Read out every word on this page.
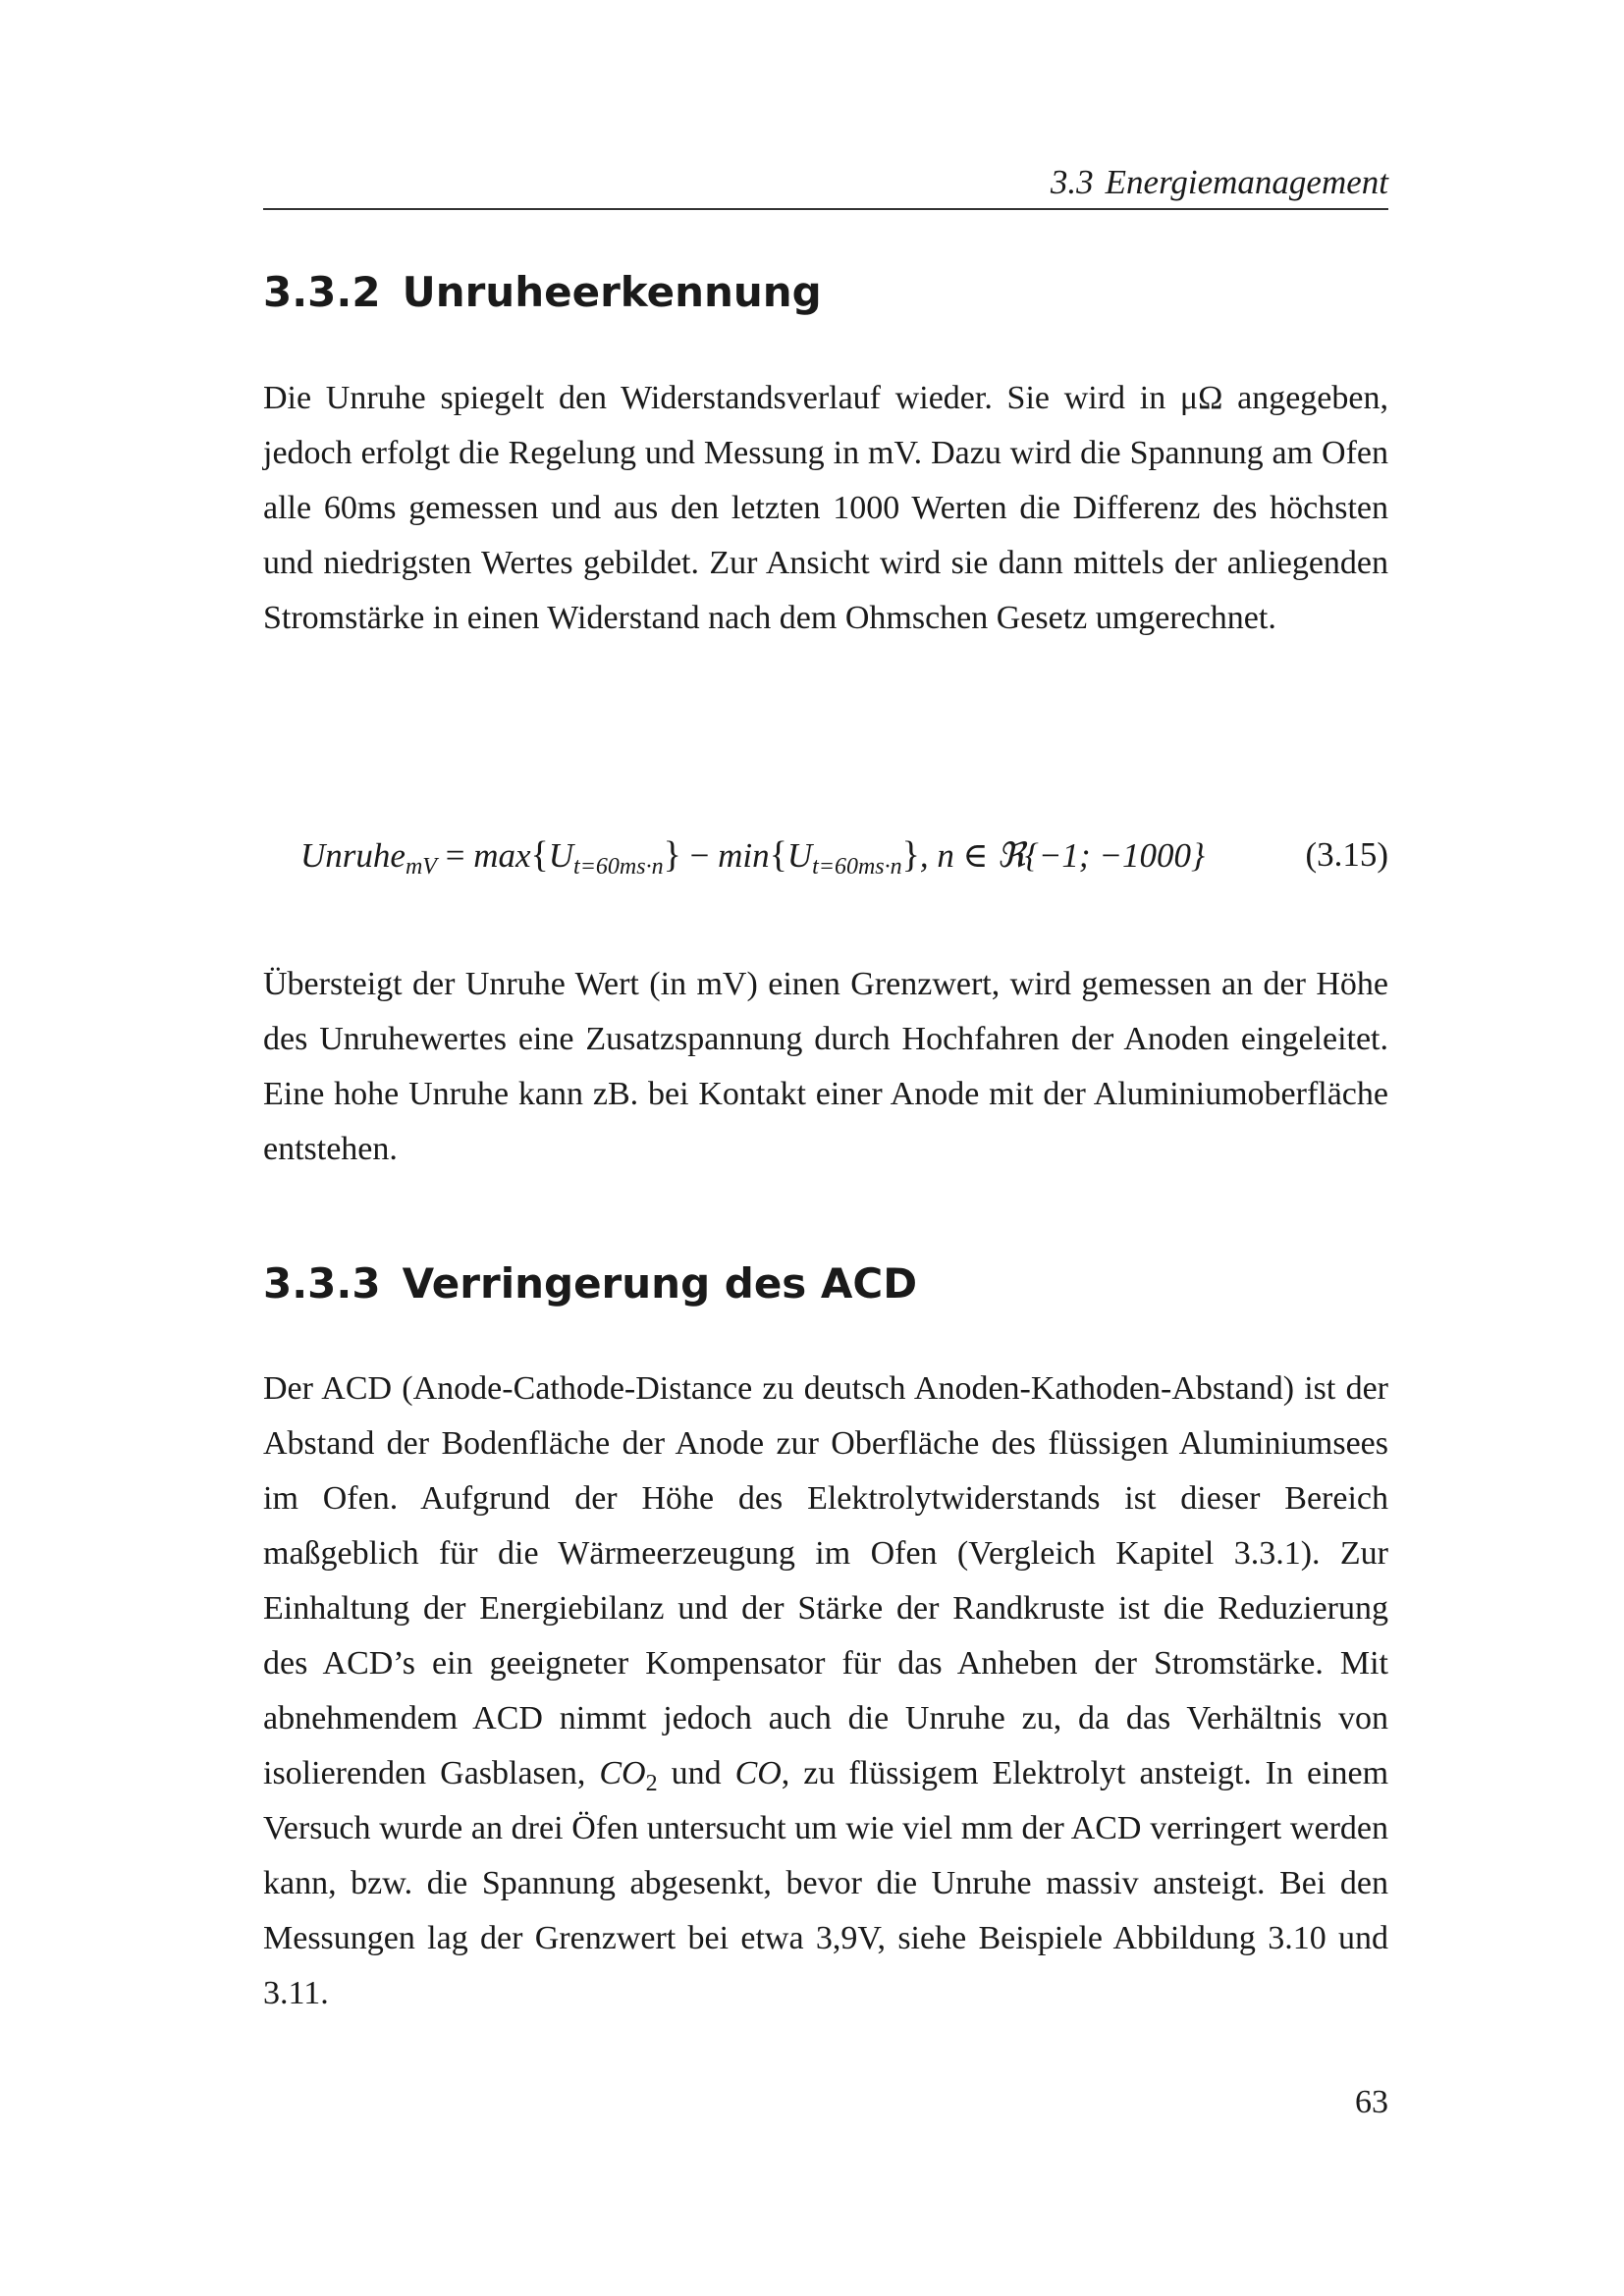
3.3 Energiemanagement
3.3.2 Unruheerkennung
Die Unruhe spiegelt den Widerstandsverlauf wieder. Sie wird in μΩ angegeben, jedoch erfolgt die Regelung und Messung in mV. Dazu wird die Spannung am Ofen alle 60ms gemessen und aus den letzten 1000 Werten die Differenz des höchsten und niedrigsten Wertes gebildet. Zur Ansicht wird sie dann mittels der anliegenden Stromstärke in einen Widerstand nach dem Ohmschen Gesetz umgerechnet.
Unruhe$_{mV}$ = $\max\{U_{t=60ms\cdot n}\} - \min\{U_{t=60ms\cdot n}\}$, n ∈ ℜ{−1; −1000}	(3.15)
Übersteigt der Unruhe Wert (in mV) einen Grenzwert, wird gemessen an der Höhe des Unruhewertes eine Zusatzspannung durch Hochfahren der Anoden eingeleitet. Eine hohe Unruhe kann zB. bei Kontakt einer Anode mit der Aluminiumoberfläche entstehen.
3.3.3 Verringerung des ACD
Der ACD (Anode-Cathode-Distance zu deutsch Anoden-Kathoden-Abstand) ist der Abstand der Bodenfläche der Anode zur Oberfläche des flüssigen Aluminiumsees im Ofen. Aufgrund der Höhe des Elektrolytwiderstands ist dieser Bereich maßgeblich für die Wärmeerzeugung im Ofen (Vergleich Kapitel 3.3.1). Zur Einhaltung der Energiebilanz und der Stärke der Randkruste ist die Reduzierung des ACD’s ein geeigneter Kompensator für das Anheben der Stromstärke. Mit abnehmendem ACD nimmt jedoch auch die Unruhe zu, da das Verhältnis von isolierenden Gasblasen, $CO_2$ und CO, zu flüssigem Elektrolyt ansteigt. In einem Versuch wurde an drei Öfen untersucht um wie viel mm der ACD verringert werden kann, bzw. die Spannung abgesenkt, bevor die Unruhe massiv ansteigt. Bei den Messungen lag der Grenzwert bei etwa 3,9V, siehe Beispiele Abbildung 3.10 und 3.11.
63
